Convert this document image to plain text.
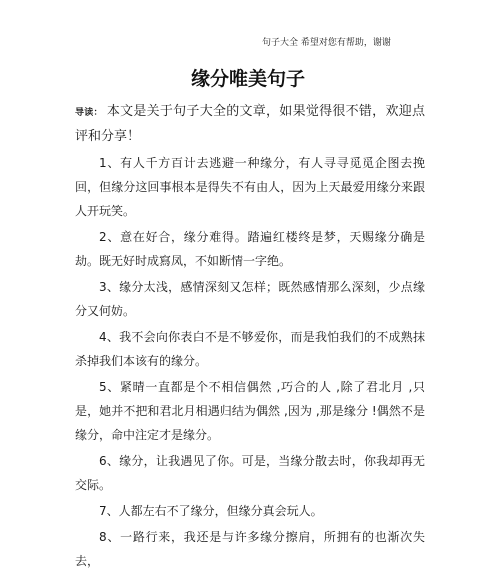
句子大全 希望对您有帮助，谢谢
缘分唯美句子

导读： 本文是关于句子大全的文章，如果觉得很不错，欢迎点评和分享！

1、有人千方百计去逃避一种缘分，有人寻寻觅觅企图去挽回，但缘分这回事根本是得失不有由人，因为上天最爱用缘分来跟人开玩笑。

2、意在好合，缘分难得。踏遍红楼终是梦，天赐缘分确是劫。既无好时成寫凤，不如断情一字绝。

3、缘分太浅，感情深刻又怎样；既然感情那么深刻，少点缘分又何妨。

4、我不会向你表白不是不够爱你，而是我怕我们的不成熟抹杀掉我们本该有的缘分。

5、紧晴一直都是个不相信偶然 ,巧合的人 ,除了君北月 ,只是，她并不把和君北月相遇归结为偶然 ,因为 ,那是缘分 !偶然不是缘分，命中注定才是缘分。

6、缘分，让我遇见了你。可是，当缘分散去时，你我却再无交际。

7、人都左右不了缘分，但缘分真会玩人。

8、一路行来，我还是与许多缘分擦肩，所拥有的也渐次失去，
